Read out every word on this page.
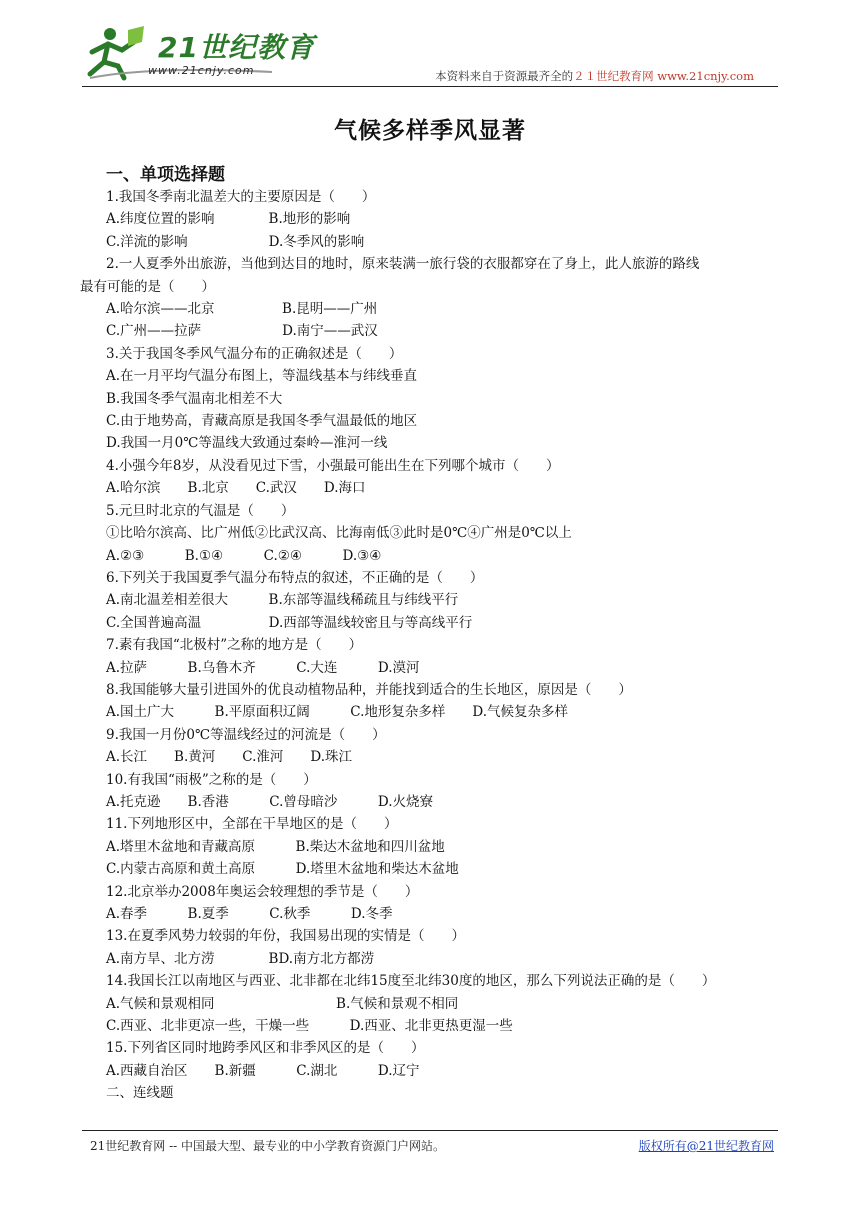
21世纪教育
www.21cnjy.com	本资料来自于资源最齐全的２１世纪教育网 www.21cnjy.com
气候多样季风显著
一、单项选择题

1.我国冬季南北温差大的主要原因是（　　）

A.纬度位置的影响　　　　B.地形的影响

C.洋流的影响　　　　　　D.冬季风的影响

2.一人夏季外出旅游，当他到达目的地时，原来装满一旅行袋的衣服都穿在了身上，此人旅游的路线

最有可能的是（　　）

A.哈尔滨——北京　　　　　B.昆明——广州

C.广州——拉萨　　　　　　D.南宁——武汉

3.关于我国冬季风气温分布的正确叙述是（　　）

A.在一月平均气温分布图上，等温线基本与纬线垂直

B.我国冬季气温南北相差不大

C.由于地势高，青藏高原是我国冬季气温最低的地区

D.我国一月0℃等温线大致通过秦岭—淮河一线

4.小强今年8岁，从没看见过下雪，小强最可能出生在下列哪个城市（　　）

A.哈尔滨　　B.北京　　C.武汉　　D.海口

5.元旦时北京的气温是（　　）

①比哈尔滨高、比广州低②比武汉高、比海南低③此时是0℃④广州是0℃以上

A.②③　　　B.①④　　　C.②④　　　D.③④

6.下列关于我国夏季气温分布特点的叙述，不正确的是（　　）

A.南北温差相差很大　　　B.东部等温线稀疏且与纬线平行

C.全国普遍高温　　　　　D.西部等温线较密且与等高线平行

7.素有我国“北极村”之称的地方是（　　）

A.拉萨　　　B.乌鲁木齐　　　C.大连　　　D.漠河

8.我国能够大量引进国外的优良动植物品种，并能找到适合的生长地区，原因是（　　）

A.国土广大　　　B.平原面积辽阔　　　C.地形复杂多样　　D.气候复杂多样

9.我国一月份0℃等温线经过的河流是（　　）

A.长江　　B.黄河　　C.淮河　　D.珠江

10.有我国“雨极”之称的是（　　）

A.托克逊　　B.香港　　　C.曾母暗沙　　　D.火烧寮

11.下列地形区中，全部在干旱地区的是（　　）

A.塔里木盆地和青藏高原　　　B.柴达木盆地和四川盆地

C.内蒙古高原和黄土高原　　　D.塔里木盆地和柴达木盆地

12.北京举办2008年奥运会较理想的季节是（　　）

A.春季　　　B.夏季　　　C.秋季　　　D.冬季

13.在夏季风势力较弱的年份，我国易出现的实情是（　　）

A.南方旱、北方涝　　　　BD.南方北方都涝

14.我国长江以南地区与西亚、北非都在北纬15度至北纬30度的地区，那么下列说法正确的是（　　）

A.气候和景观相同　　　　　　　　　B.气候和景观不相同

C.西亚、北非更凉一些，干燥一些　　　D.西亚、北非更热更湿一些

15.下列省区同时地跨季风区和非季风区的是（　　）

A.西藏自治区　　B.新疆　　　C.湖北　　　D.辽宁

二、连线题

21世纪教育网 -- 中国最大型、最专业的中小学教育资源门户网站。	版权所有@21世纪教育网
